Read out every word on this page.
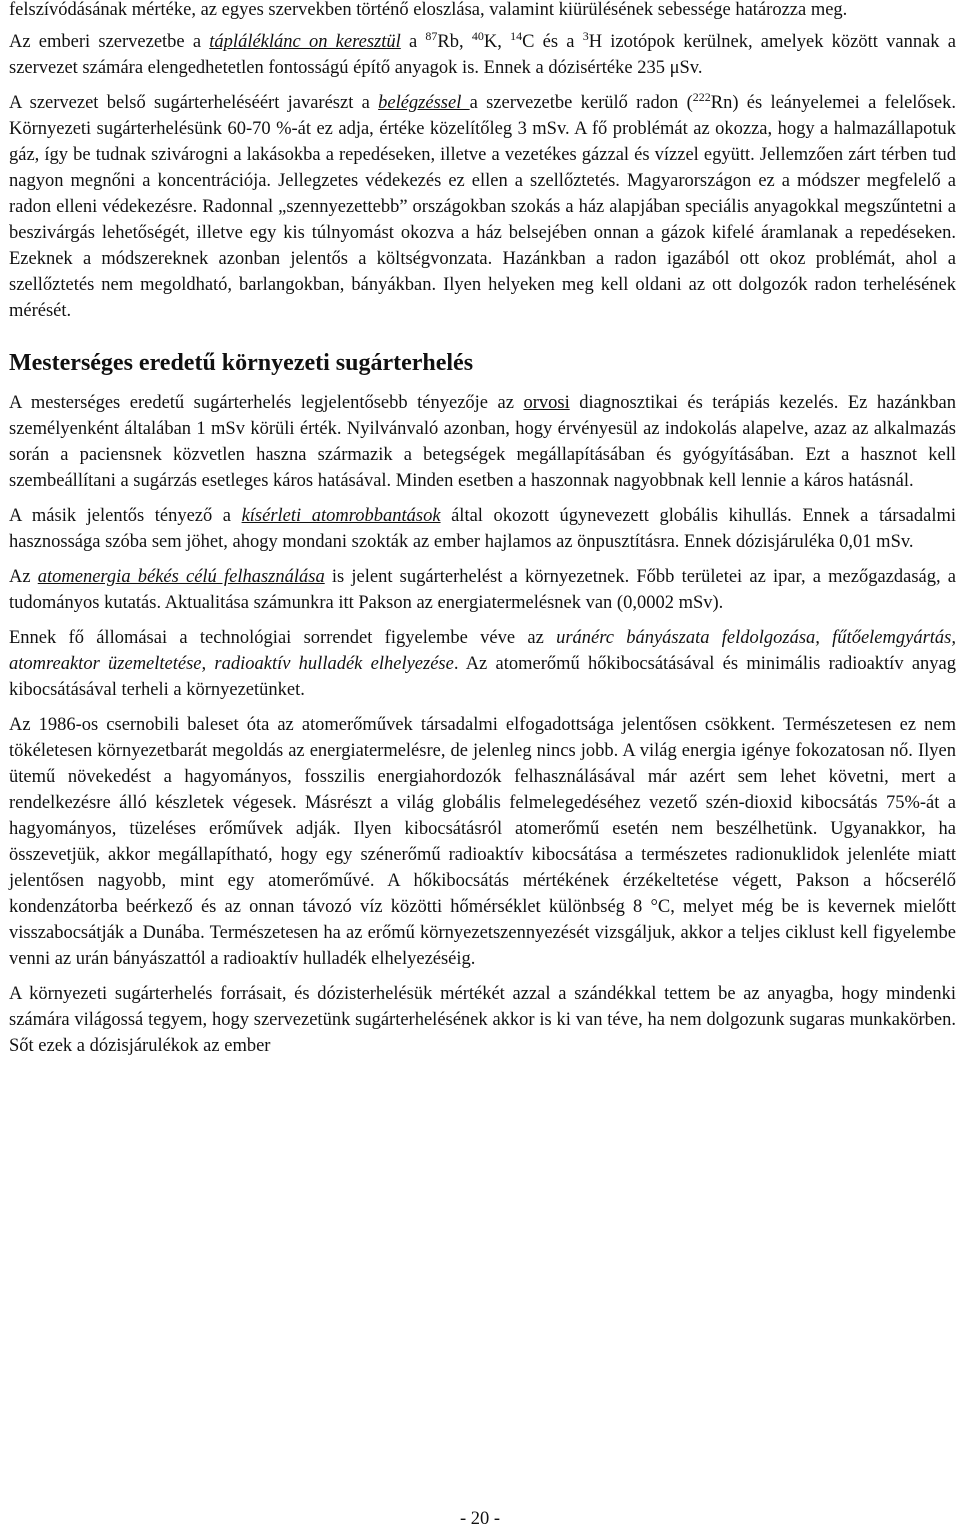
felszívódásának mértéke, az egyes szervekben történő eloszlása, valamint kiürülésének sebessége határozza meg.

Az emberi szervezetbe a tápláléklánc on keresztül a $^{87}$Rb, $^{40}$K, $^{14}$C és a $^3$H izotópok kerülnek, amelyek között vannak a szervezet számára elengedhetetlen fontosságú építő anyagok is. Ennek a dózisértéke 235 μSv.

A szervezet belső sugárterheléséért javarészt a belégzéssel a szervezetbe kerülő radon ($^{222}$Rn) és leányelemei a felelősek. Környezeti sugárterhelésünk 60-70 %-át ez adja, értéke közelítőleg 3 mSv. A fő problémát az okozza, hogy a halmazállapotuk gáz, így be tudnak szivárogni a lakásokba a repedéseken, illetve a vezetékes gázzal és vízzel együtt. Jellemzően zárt térben tud nagyon megnőni a koncentrációja. Jellegzetes védekezés ez ellen a szellőztetés. Magyarországon ez a módszer megfelelő a radon elleni védekezésre. Radonnal „szennyezettebb” országokban szokás a ház alapjában speciális anyagokkal megszűntetni a beszivárgás lehetőségét, illetve egy kis túlnyomást okozva a ház belsejében onnan a gázok kifelé áramlanak a repedéseken. Ezeknek a módszereknek azonban jelentős a költségvonzata. Hazánkban a radon igazából ott okoz problémát, ahol a szellőztetés nem megoldható, barlangokban, bányákban. Ilyen helyeken meg kell oldani az ott dolgozók radon terhelésének mérését.

Mesterséges eredetű környezeti sugárterhelés

A mesterséges eredetű sugárterhelés legjelentősebb tényezője az orvosi diagnosztikai és terápiás kezelés. Ez hazánkban személyenként általában 1 mSv körüli érték. Nyilvánvaló azonban, hogy érvényesül az indokolás alapelve, azaz az alkalmazás során a paciensnek közvetlen haszna származik a betegségek megállapításában és gyógyításában. Ezt a hasznot kell szembeállítani a sugárzás esetleges káros hatásával. Minden esetben a haszonnak nagyobbnak kell lennie a káros hatásnál.

A másik jelentős tényező a kísérleti atomrobbantások által okozott úgynevezett globális kihullás. Ennek a társadalmi hasznossága szóba sem jöhet, ahogy mondani szokták az ember hajlamos az önpusztításra. Ennek dózisjáruléka 0,01 mSv.

Az atomenergia békés célú felhasználása is jelent sugárterhelést a környezetnek. Főbb területei az ipar, a mezőgazdaság, a tudományos kutatás. Aktualitása számunkra itt Pakson az energiatermelésnek van (0,0002 mSv).

Ennek fő állomásai a technológiai sorrendet figyelembe véve az uránérc bányászata feldolgozása, fűtőelemgyártás, atomreaktor üzemeltetése, radioaktív hulladék elhelyezése. Az atomerőmű hőkibocsátásával és minimális radioaktív anyag kibocsátásával terheli a környezetünket.

Az 1986-os csernobili baleset óta az atomerőművek társadalmi elfogadottsága jelentősen csökkent. Természetesen ez nem tökéletesen környezetbarát megoldás az energiatermelésre, de jelenleg nincs jobb. A világ energia igénye fokozatosan nő. Ilyen ütemű növekedést a hagyományos, fosszilis energiahordozók felhasználásával már azért sem lehet követni, mert a rendelkezésre álló készletek végesek. Másrészt a világ globális felmelegedéséhez vezető szén-dioxid kibocsátás 75%-át a hagyományos, tüzeléses erőművek adják. Ilyen kibocsátásról atomerőmű esetén nem beszélhetünk. Ugyanakkor, ha összevetjük, akkor megállapítható, hogy egy szénerőmű radioaktív kibocsátása a természetes radionuklidok jelenléte miatt jelentősen nagyobb, mint egy atomerőművé. A hőkibocsátás mértékének érzékeltetése végett, Pakson a hőcserélő kondenzátorba beérkező és az onnan távozó víz közötti hőmérséklet különbség 8 °C, melyet még be is kevernek mielőtt visszabocsátják a Dunába. Természetesen ha az erőmű környezetszennyezését vizsgáljuk, akkor a teljes ciklust kell figyelembe venni az urán bányászattól a radioaktív hulladék elhelyezéséig.

A környezeti sugárterhelés forrásait, és dózisterhelésük mértékét azzal a szándékkal tettem be az anyagba, hogy mindenki számára világossá tegyem, hogy szervezetünk sugárterhelésének akkor is ki van téve, ha nem dolgozunk sugaras munkakörben. Sőt ezek a dózisjárulékok az ember

- 20 -
